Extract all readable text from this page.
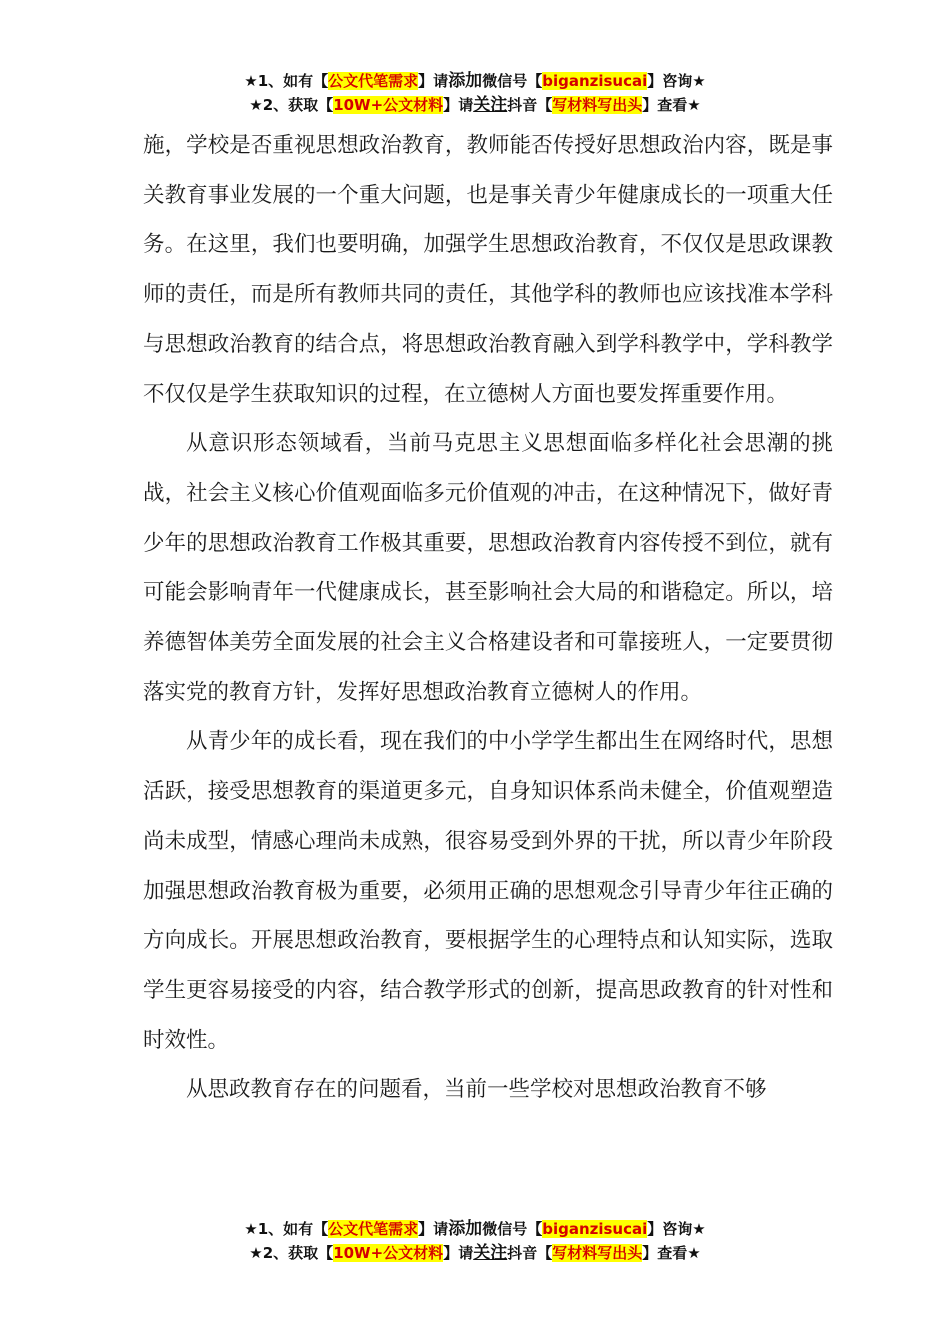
★1、如有【公文代笔需求】请添加微信号【biganzisucai】咨询★
★2、获取【10W+公文材料】请关注抖音【写材料写出头】查看★

施，学校是否重视思想政治教育，教师能否传授好思想政治内容，既是事关教育事业发展的一个重大问题，也是事关青少年健康成长的一项重大任务。在这里，我们也要明确，加强学生思想政治教育，不仅仅是思政课教师的责任，而是所有教师共同的责任，其他学科的教师也应该找准本学科与思想政治教育的结合点，将思想政治教育融入到学科教学中，学科教学不仅仅是学生获取知识的过程，在立德树人方面也要发挥重要作用。

从意识形态领域看，当前马克思主义思想面临多样化社会思潮的挑战，社会主义核心价值观面临多元价值观的冲击，在这种情况下，做好青少年的思想政治教育工作极其重要，思想政治教育内容传授不到位，就有可能会影响青年一代健康成长，甚至影响社会大局的和谐稳定。所以，培养德智体美劳全面发展的社会主义合格建设者和可靠接班人，一定要贯彻落实党的教育方针，发挥好思想政治教育立德树人的作用。

从青少年的成长看，现在我们的中小学学生都出生在网络时代，思想活跃，接受思想教育的渠道更多元，自身知识体系尚未健全，价值观塑造尚未成型，情感心理尚未成熟，很容易受到外界的干扰，所以青少年阶段加强思想政治教育极为重要，必须用正确的思想观念引导青少年往正确的方向成长。开展思想政治教育，要根据学生的心理特点和认知实际，选取学生更容易接受的内容，结合教学形式的创新，提高思政教育的针对性和时效性。

从思政教育存在的问题看，当前一些学校对思想政治教育不够

★1、如有【公文代笔需求】请添加微信号【biganzisucai】咨询★
★2、获取【10W+公文材料】请关注抖音【写材料写出头】查看★
